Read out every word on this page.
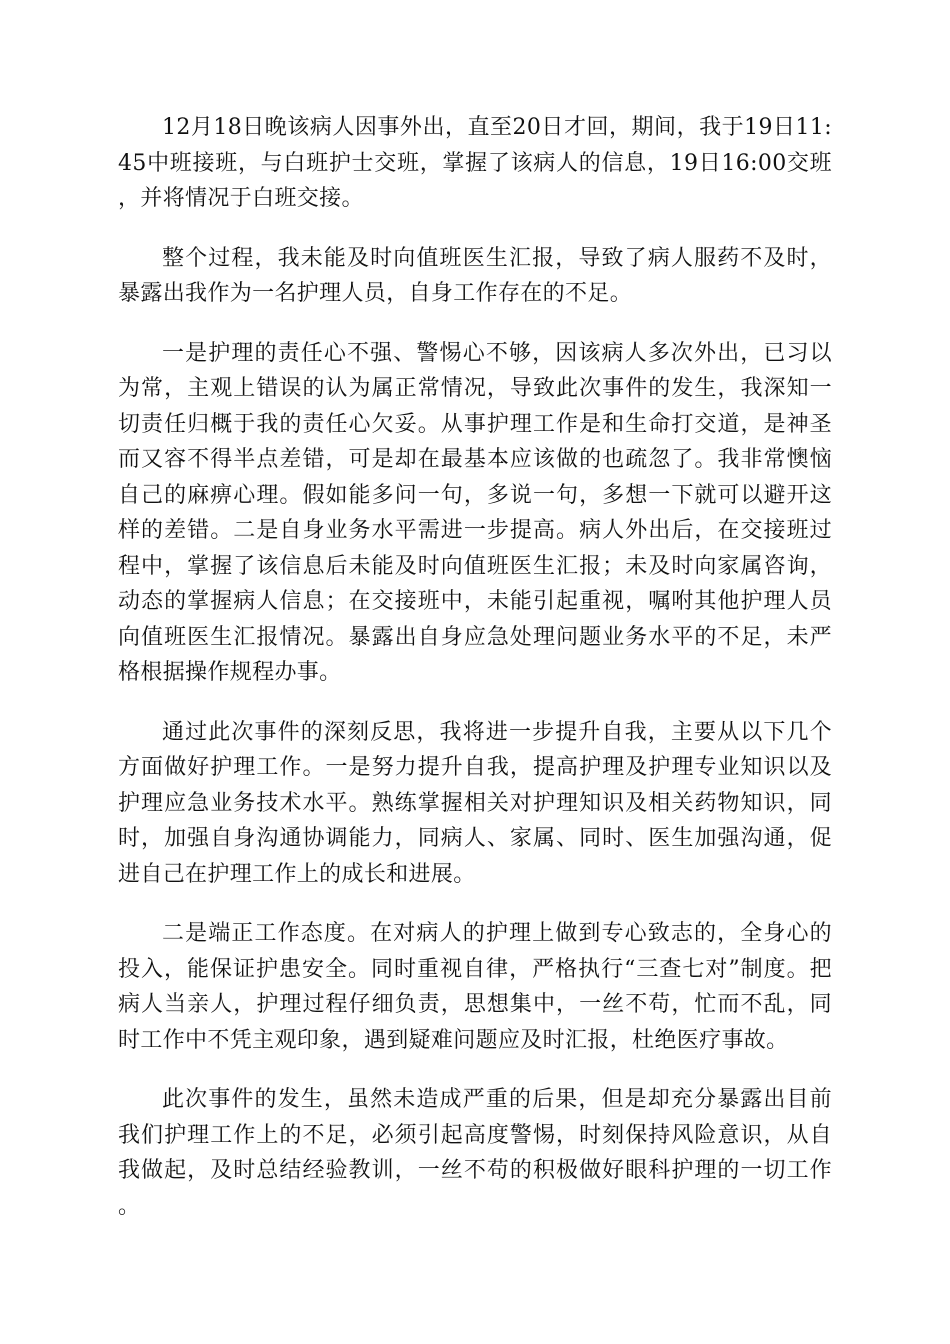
12月18日晚该病人因事外出，直至20日才回，期间，我于19日11:45中班接班，与白班护士交班，掌握了该病人的信息，19日16:00交班，并将情况于白班交接。

整个过程，我未能及时向值班医生汇报，导致了病人服药不及时，暴露出我作为一名护理人员，自身工作存在的不足。

一是护理的责任心不强、警惕心不够，因该病人多次外出，已习以为常，主观上错误的认为属正常情况，导致此次事件的发生，我深知一切责任归概于我的责任心欠妥。从事护理工作是和生命打交道，是神圣而又容不得半点差错，可是却在最基本应该做的也疏忽了。我非常懊恼自己的麻痹心理。假如能多问一句，多说一句，多想一下就可以避开这样的差错。二是自身业务水平需进一步提高。病人外出后，在交接班过程中，掌握了该信息后未能及时向值班医生汇报；未及时向家属咨询，动态的掌握病人信息；在交接班中，未能引起重视，嘱咐其他护理人员向值班医生汇报情况。暴露出自身应急处理问题业务水平的不足，未严格根据操作规程办事。

通过此次事件的深刻反思，我将进一步提升自我，主要从以下几个方面做好护理工作。一是努力提升自我，提高护理及护理专业知识以及护理应急业务技术水平。熟练掌握相关对护理知识及相关药物知识，同时，加强自身沟通协调能力，同病人、家属、同时、医生加强沟通，促进自己在护理工作上的成长和进展。

二是端正工作态度。在对病人的护理上做到专心致志的，全身心的投入，能保证护患安全。同时重视自律，严格执行“三查七对”制度。把病人当亲人，护理过程仔细负责，思想集中，一丝不苟，忙而不乱，同时工作中不凭主观印象，遇到疑难问题应及时汇报，杜绝医疗事故。

此次事件的发生，虽然未造成严重的后果，但是却充分暴露出目前我们护理工作上的不足，必须引起高度警惕，时刻保持风险意识，从自我做起，及时总结经验教训，一丝不苟的积极做好眼科护理的一切工作。
